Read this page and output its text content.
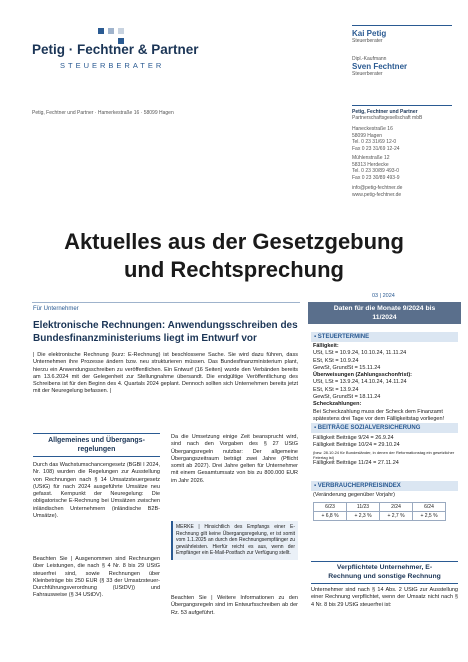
Petig · Fechtner & Partner
STEUERBERATER
Petig, Fechtner und Partner · Hamerkestraße 16 · 58099 Hagen
Kai Petig
Steuerberater
Dipl.-Kaufmann
Sven Fechtner
Steuerberater
Petig, Fechtner und Partner
Partnerschaftsgesellschaft mbB
Haneckestraße 16
58099 Hagen
Tel. 0 23 31/69 12-0
Fax 0 23 31/69 12-24
Mühlenstraße 12
58313 Herdecke
Tel. 0 23 30/89 493-0
Fax 0 23 30/89 493-9
info@petig-fechtner.de
www.petig-fechtner.de
Aktuelles aus der Gesetzgebung
und Rechtsprechung
03 | 2024
Für Unternehmer
Elektronische Rechnungen: Anwendungsschreiben des Bundesfinanzministeriums liegt im Entwurf vor
| Die elektronische Rechnung (kurz: E-Rechnung) ist beschlossene Sache. Sie wird dazu führen, dass Unternehmen ihre Prozesse ändern bzw. neu strukturieren müssen. Das Bundesfinanzministerium plant, hierzu ein Anwendungsschreiben zu veröffentlichen. Ein Entwurf (16 Seiten) wurde den Verbänden bereits am 13.6.2024 mit der Gelegenheit zur Stellungnahme übersandt. Die endgültige Veröffentlichung des Schreibens ist für den Beginn des 4. Quartals 2024 geplant. Dennoch sollten sich Unternehmen bereits jetzt mit der Neuregelung befassen. |
Allgemeines und Übergangsregelungen
Durch das Wachstumschancengesetz (BGBl I 2024, Nr. 108) wurden die Regelungen zur Ausstellung von Rechnungen nach § 14 Umsatzsteuergesetz (UStG) für nach 2024 ausgeführte Umsätze neu gefasst. Kernpunkt der Neuregelung: Die obligatorische E-Rechnung bei Umsätzen zwischen inländischen Unternehmern (inländische B2B-Umsätze).
Beachten Sie | Ausgenommen sind Rechnungen über Leistungen, die nach § 4 Nr. 8 bis 29 UStG steuerfrei sind, sowie Rechnungen über Kleinbeträge bis 250 EUR (§ 33 der Umsatzsteuer-Durchführungsverordnung (UStDV)) und Fahrausweise (§ 34 UStDV).
Da die Umsetzung einige Zeit beansprucht wird, sind nach den Vorgaben des § 27 UStG Übergangsregeln nutzbar: Der allgemeine Übergangszeitraum beträgt zwei Jahre (Pflicht somit ab 2027). Drei Jahre gelten für Unternehmer mit einem Gesamtumsatz von bis zu 800.000 EUR im Jahr 2026.
MERKE | Hinsichtlich des Empfangs einer E-Rechnung gilt keine Übergangsregelung, er ist somit vom 1.1.2025 an durch den Rechnungsempfänger zu gewährleisten. Hierfür reicht es aus, wenn der Empfänger ein E-Mail-Postfach zur Verfügung stellt.
Beachten Sie | Weitere Informationen zu den Übergangsregeln sind im Entwurfsschreiben ab der Rz. 53 aufgeführt.
Daten für die Monate 9/2024 bis 11/2024
▪ STEUERTERMINE
Fälligkeit:
USt, LSt = 10.9.24, 10.10.24, 11.11.24
ESt, KSt = 10.9.24
GewSt, GrundSt = 15.11.24
Überweisungen (Zahlungsschonfrist):
USt, LSt = 13.9.24, 14.10.24, 14.11.24
ESt, KSt = 13.9.24
GewSt, GrundSt = 18.11.24
Scheckzahlungen:
Bei Scheckzahlung muss der Scheck dem Finanzamt spätestens drei Tage vor dem Fälligkeitstag vorliegen!
▪ BEITRÄGE SOZIALVERSICHERUNG
Fälligkeit Beiträge 9/24 = 26.9.24
Fälligkeit Beiträge 10/24 = 29.10.24
(bzw. 28.10.24 für Bundesländer, in denen der Reformationstag ein gesetzlicher Feiertag ist)
Fälligkeit Beiträge 11/24 = 27.11.24
▪ VERBRAUCHERPREISINDEX
(Veränderung gegenüber Vorjahr)
6/23	11/23	2/24	6/24
+ 6,8 %	+ 2,3 %	+ 2,7 %	+ 2,5 %
Verpflichtete Unternehmer, E-Rechnung und sonstige Rechnung
Unternehmer sind nach § 14 Abs. 2 UStG zur Ausstellung einer Rechnung verpflichtet, wenn der Umsatz nicht nach § 4 Nr. 8 bis 29 UStG steuerfrei ist:
